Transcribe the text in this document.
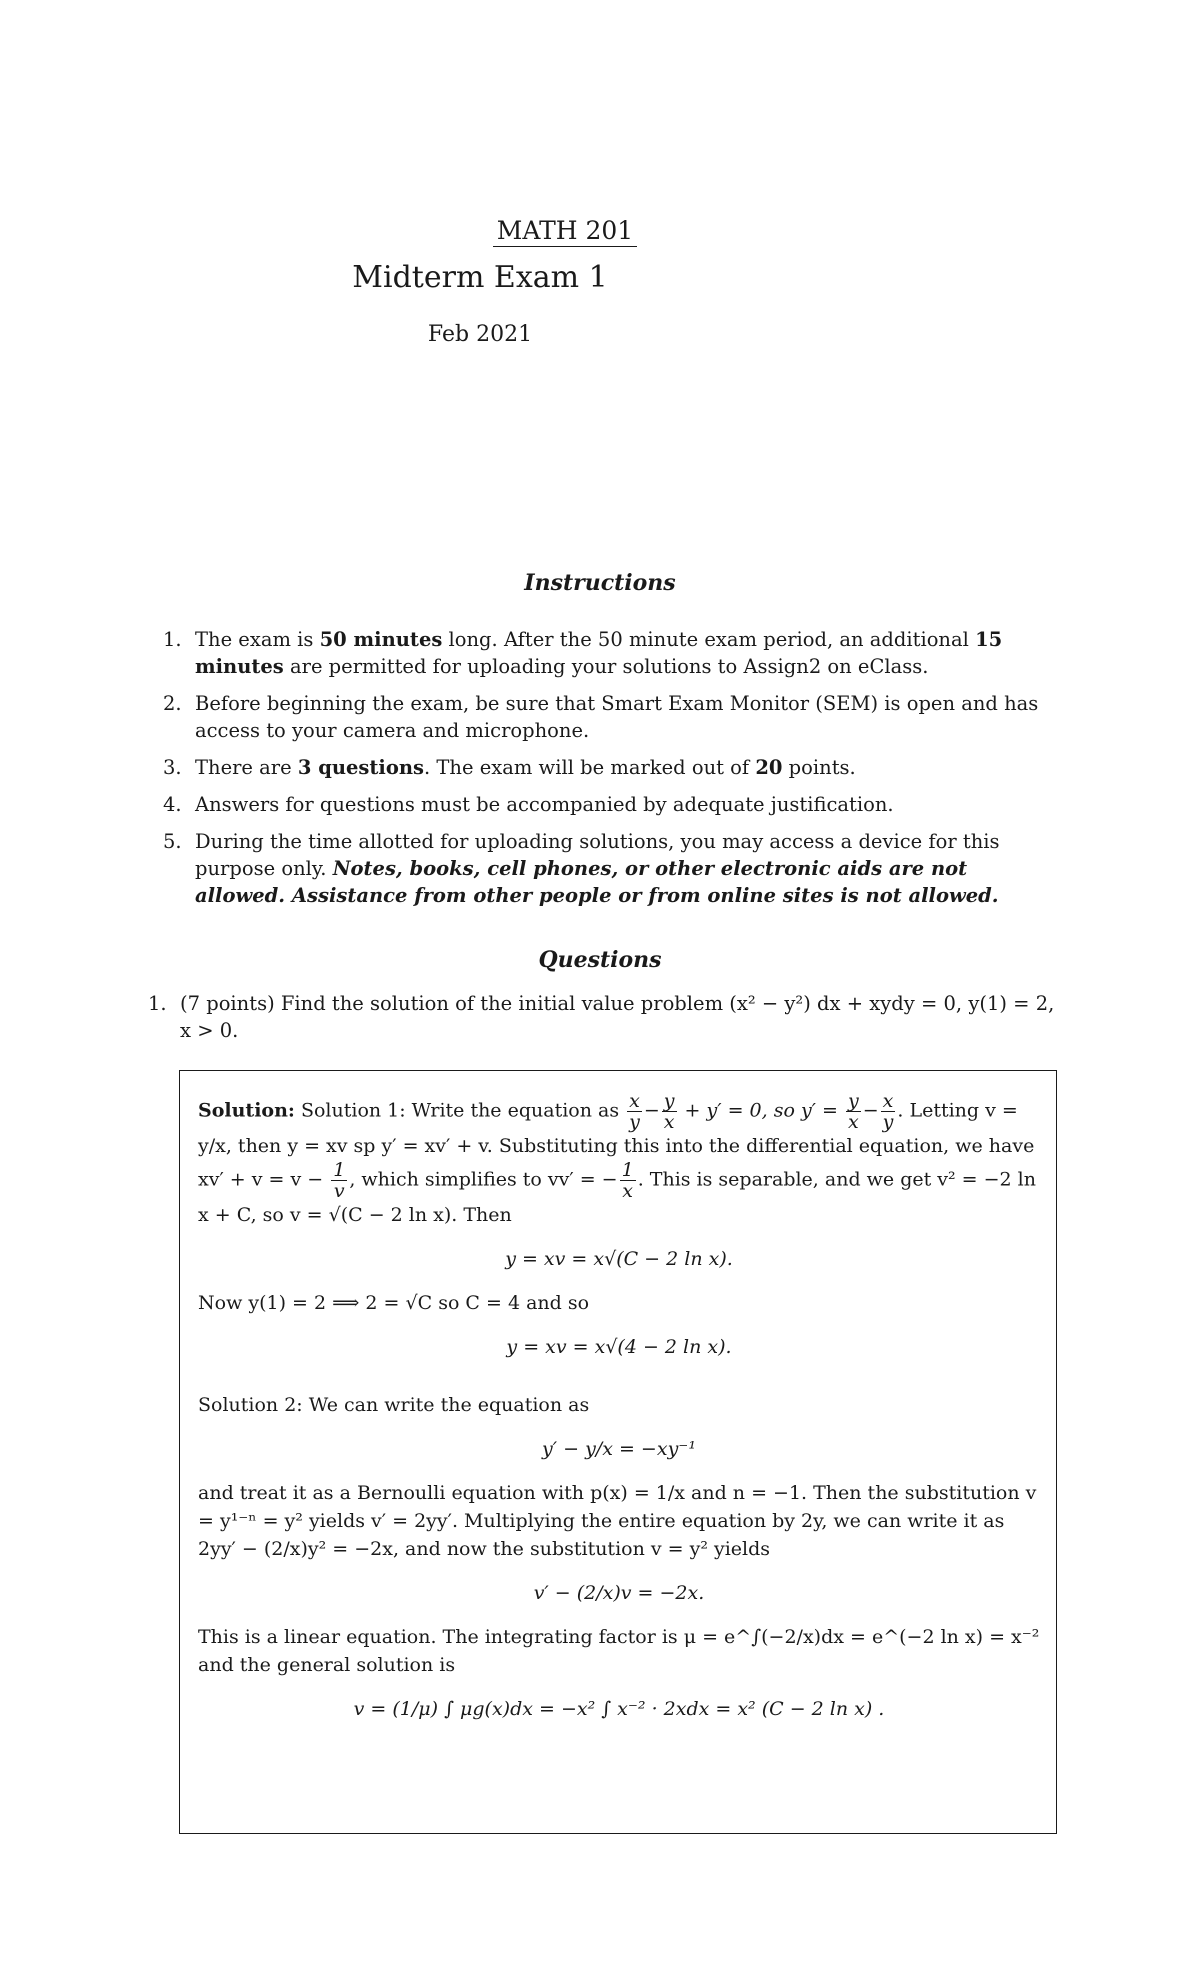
MATH 201
Midterm Exam 1
Feb 2021
Instructions
1. The exam is 50 minutes long. After the 50 minute exam period, an additional 15 minutes are permitted for uploading your solutions to Assign2 on eClass.
2. Before beginning the exam, be sure that Smart Exam Monitor (SEM) is open and has access to your camera and microphone.
3. There are 3 questions. The exam will be marked out of 20 points.
4. Answers for questions must be accompanied by adequate justification.
5. During the time allotted for uploading solutions, you may access a device for this purpose only. Notes, books, cell phones, or other electronic aids are not allowed. Assistance from other people or from online sites is not allowed.
Questions
1. (7 points) Find the solution of the initial value problem (x² − y²) dx + xydy = 0, y(1) = 2, x > 0.

Solution: Solution 1: Write the equation as $\frac{x}{y} - \frac{y}{x} + y' = 0$, so $y' = \frac{y}{x} - \frac{x}{y}$ . Letting v = y/x, then y = xv sp y′ = xv′ + v. Substituting this into the differential equation, we have $xv' + v = v - \frac{1}{v}$ , which simplifies to vv′ = − $\frac{1}{x}$ . This is separable, and we get v² = −2 ln x + C, so v = √(C − 2 ln x). Then

y = xv = x√(C − 2 ln x).

Now y(1) = 2 ⟹ 2 = √C so C = 4 and so

y = xv = x√(4 − 2 ln x).

Solution 2: We can write the equation as

y′ − y/x = −xy⁻¹

and treat it as a Bernoulli equation with p(x) = 1/x and n = −1. Then the substitution v = y¹⁻ⁿ = y² yields v′ = 2yy′. Multiplying the entire equation by 2y, we can write it as 2yy′ − (2/x)y² = −2x, and now the substitution v = y² yields

v′ − (2/x)v = −2x.

This is a linear equation. The integrating factor is μ = e^∫(−2/x)dx = e^(−2 ln x) = x⁻² and the general solution is

v = (1/μ) ∫ μg(x)dx = −x² ∫ x⁻² · 2xdx = x² (C − 2 ln x) .
